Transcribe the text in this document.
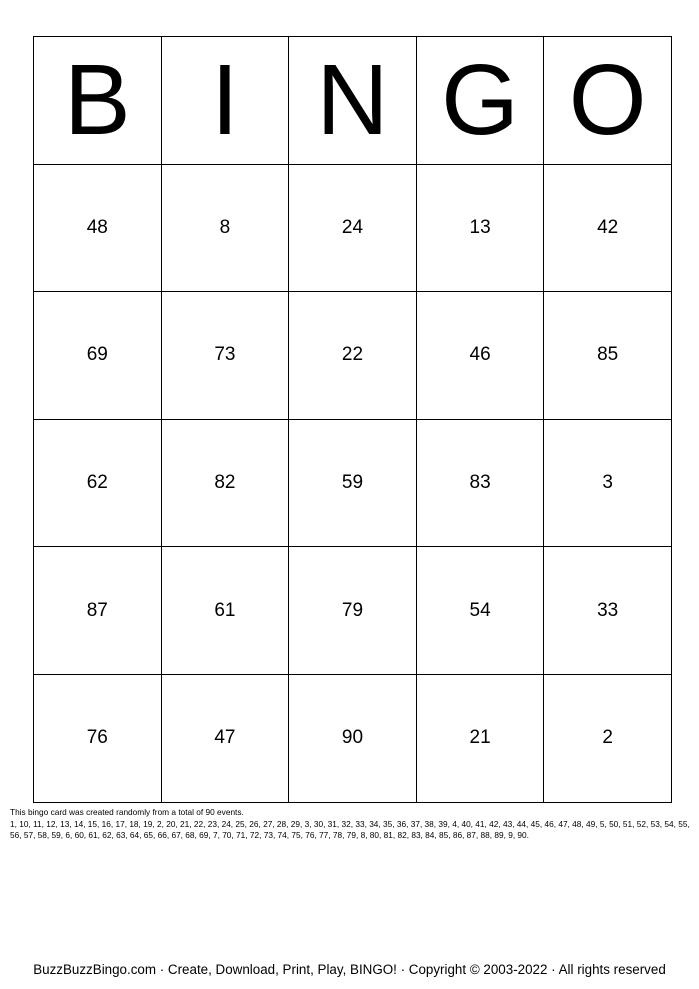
B	I	N	G	O
48	8	24	13	42
69	73	22	46	85
62	82	59	83	3
87	61	79	54	33
76	47	90	21	2

This bingo card was created randomly from a total of 90 events.

1, 10, 11, 12, 13, 14, 15, 16, 17, 18, 19, 2, 20, 21, 22, 23, 24, 25, 26, 27, 28, 29, 3, 30, 31, 32, 33, 34, 35, 36, 37, 38, 39, 4, 40, 41, 42, 43, 44, 45, 46, 47, 48, 49, 5, 50, 51, 52, 53, 54, 55, 56, 57, 58, 59, 6, 60, 61, 62, 63, 64, 65, 66, 67, 68, 69, 7, 70, 71, 72, 73, 74, 75, 76, 77, 78, 79, 8, 80, 81, 82, 83, 84, 85, 86, 87, 88, 89, 9, 90.

BuzzBuzzBingo.com · Create, Download, Print, Play, BINGO! · Copyright © 2003-2022 · All rights reserved
